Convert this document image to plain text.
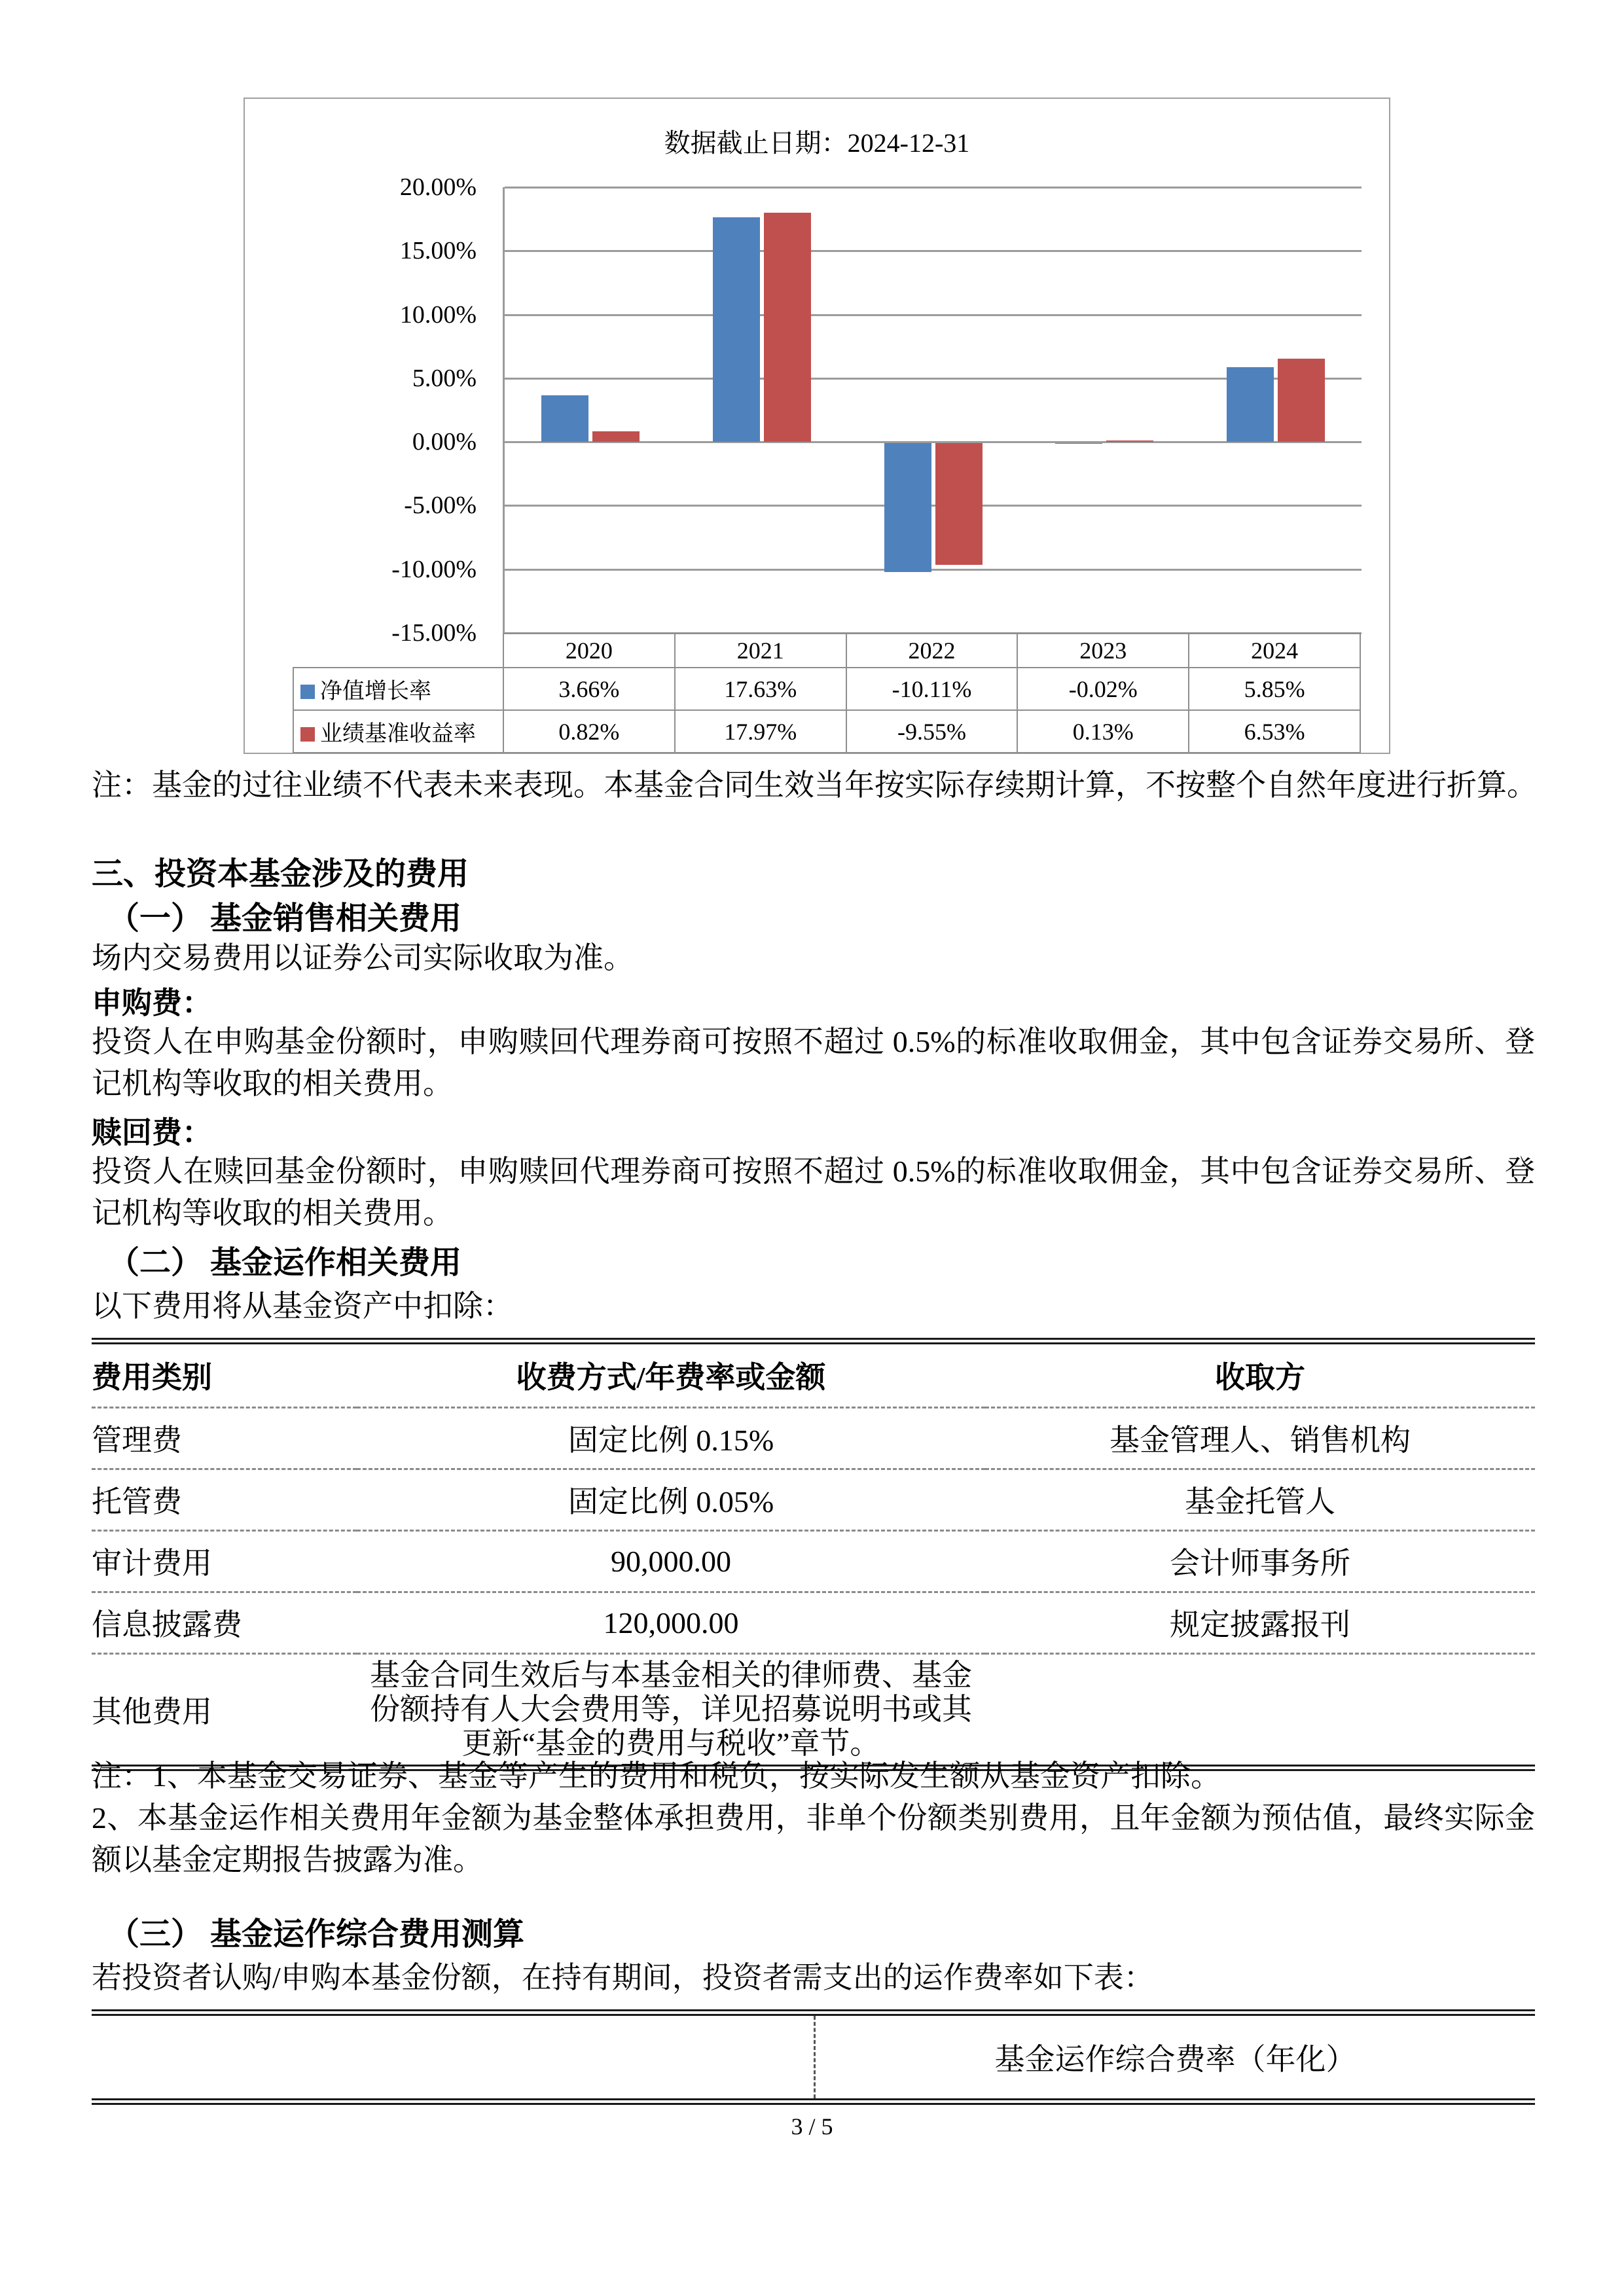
数据截止日期：2024-12-31
20.00%
15.00%
10.00%
5.00%
0.00%
-5.00%
-10.00%
-15.00%
	2020	2021	2022	2023	2024
净值增长率	3.66%	17.63%	-10.11%	-0.02%	5.85%
业绩基准收益率	0.82%	17.97%	-9.55%	0.13%	6.53%
注：基金的过往业绩不代表未来表现。本基金合同生效当年按实际存续期计算，不按整个自然年度进行折算。
三、投资本基金涉及的费用
（一） 基金销售相关费用
场内交易费用以证券公司实际收取为准。
申购费：
投资人在申购基金份额时，申购赎回代理券商可按照不超过 0.5%的标准收取佣金，其中包含证券交易所、登记机构等收取的相关费用。
赎回费：
投资人在赎回基金份额时，申购赎回代理券商可按照不超过 0.5%的标准收取佣金，其中包含证券交易所、登记机构等收取的相关费用。
（二） 基金运作相关费用
以下费用将从基金资产中扣除：
费用类别	收费方式/年费率或金额	收取方
管理费	固定比例 0.15%	基金管理人、销售机构
托管费	固定比例 0.05%	基金托管人
审计费用	90,000.00	会计师事务所
信息披露费	120,000.00	规定披露报刊
其他费用	基金合同生效后与本基金相关的律师费、基金份额持有人大会费用等，详见招募说明书或其更新“基金的费用与税收”章节。	
注：1、本基金交易证券、基金等产生的费用和税负，按实际发生额从基金资产扣除。
2、本基金运作相关费用年金额为基金整体承担费用，非单个份额类别费用，且年金额为预估值，最终实际金额以基金定期报告披露为准。
（三） 基金运作综合费用测算
若投资者认购/申购本基金份额，在持有期间，投资者需支出的运作费率如下表：
基金运作综合费率（年化）
3 / 5
